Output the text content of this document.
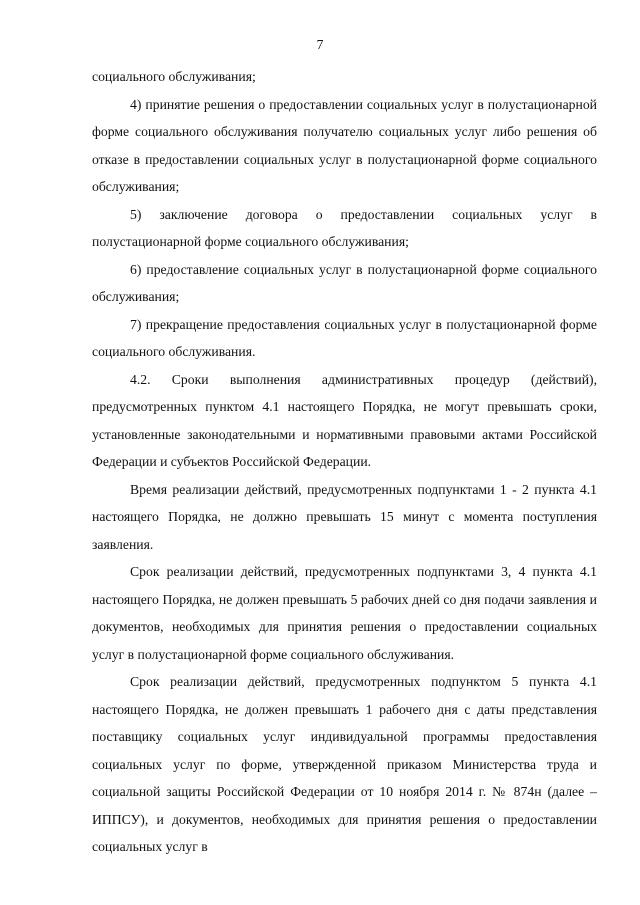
7

социального обслуживания;

4) принятие решения о предоставлении социальных услуг в полустационарной форме социального обслуживания получателю социальных услуг либо решения об отказе в предоставлении социальных услуг в полустационарной форме социального обслуживания;

5) заключение договора о предоставлении социальных услуг в полустационарной форме социального обслуживания;

6) предоставление социальных услуг в полустационарной форме социального обслуживания;

7) прекращение предоставления социальных услуг в полустационарной форме социального обслуживания.

4.2. Сроки выполнения административных процедур (действий), предусмотренных пунктом 4.1 настоящего Порядка, не могут превышать сроки, установленные законодательными и нормативными правовыми актами Российской Федерации и субъектов Российской Федерации.

Время реализации действий, предусмотренных подпунктами 1 - 2 пункта 4.1 настоящего Порядка, не должно превышать 15 минут с момента поступления заявления.

Срок реализации действий, предусмотренных подпунктами 3, 4 пункта 4.1 настоящего Порядка, не должен превышать 5 рабочих дней со дня подачи заявления и документов, необходимых для принятия решения о предоставлении социальных услуг в полустационарной форме социального обслуживания.

Срок реализации действий, предусмотренных подпунктом 5 пункта 4.1 настоящего Порядка, не должен превышать 1 рабочего дня с даты представления поставщику социальных услуг индивидуальной программы предоставления социальных услуг по форме, утвержденной приказом Министерства труда и социальной защиты Российской Федерации от 10 ноября 2014 г. № 874н (далее – ИППСУ), и документов, необходимых для принятия решения о предоставлении социальных услуг в
